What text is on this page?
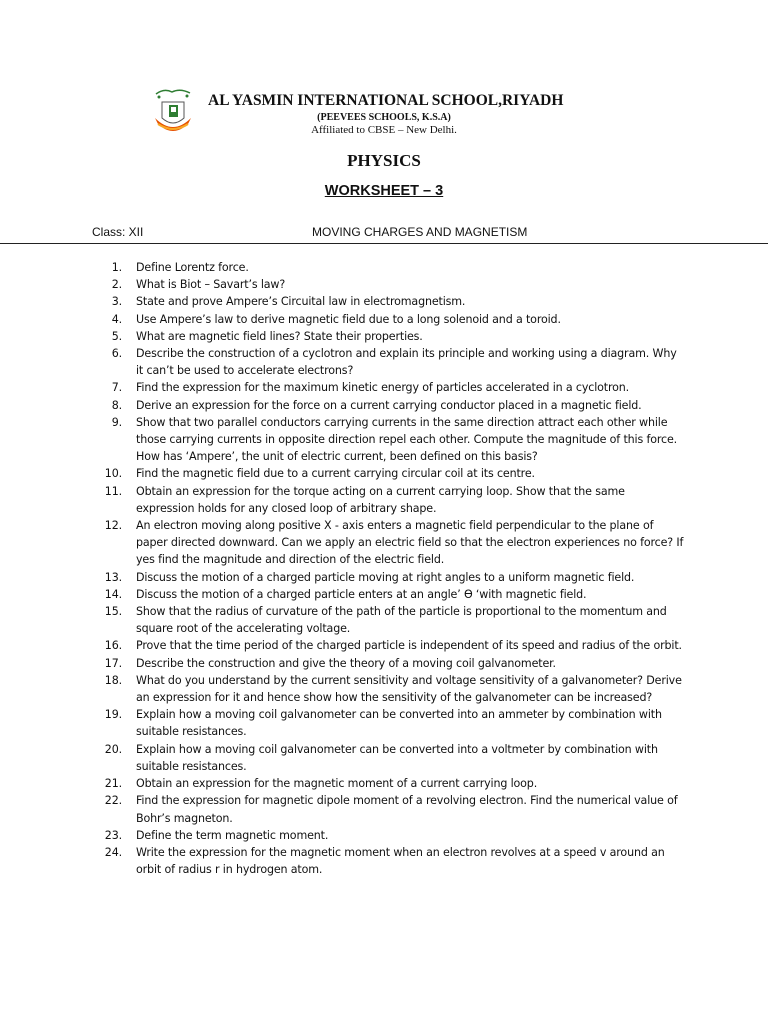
AL YASMIN INTERNATIONAL SCHOOL,RIYADH
(PEEVEES SCHOOLS, K.S.A)
Affiliated to CBSE – New Delhi.
PHYSICS
WORKSHEET – 3
Class: XII	MOVING CHARGES AND MAGNETISM
1.	Define Lorentz force.
2.	What is Biot – Savart’s law?
3.	State and prove Ampere’s Circuital law in electromagnetism.
4.	Use Ampere’s law to derive magnetic field due to a long solenoid and a toroid.
5.	What are magnetic field lines? State their properties.
6.	Describe the construction of a cyclotron and explain its principle and working using a diagram. Why it can’t be used to accelerate electrons?
7.	Find the expression for the maximum kinetic energy of particles accelerated in a cyclotron.
8.	Derive an expression for the force on a current carrying conductor placed in a magnetic field.
9.	Show that two parallel conductors carrying currents in the same direction attract each other while those carrying currents in opposite direction repel each other. Compute the magnitude of this force. How has ‘Ampere’, the unit of electric current, been defined on this basis?
10.	Find the magnetic field due to a current carrying circular coil at its centre.
11.	Obtain an expression for the torque acting on a current carrying loop. Show that the same expression holds for any closed loop of arbitrary shape.
12.	An electron moving along positive X - axis enters a magnetic field perpendicular to the plane of paper directed downward. Can we apply an electric field so that the electron experiences no force? If yes find the magnitude and direction of the electric field.
13.	Discuss the motion of a charged particle moving at right angles to a uniform magnetic field.
14.	Discuss the motion of a charged particle enters at an angle’ ϴ ‘with magnetic field.
15.	Show that the radius of curvature of the path of the particle is proportional to the momentum and square root of the accelerating voltage.
16.	Prove that the time period of the charged particle is independent of its speed and radius of the orbit.
17.	Describe the construction and give the theory of a moving coil galvanometer.
18.	What do you understand by the current sensitivity and voltage sensitivity of a galvanometer? Derive an expression for it and hence show how the sensitivity of the galvanometer can be increased?
19.	Explain how a moving coil galvanometer can be converted into an ammeter by combination with suitable resistances.
20.	Explain how a moving coil galvanometer can be converted into a voltmeter by combination with suitable resistances.
21.	Obtain an expression for the magnetic moment of a current carrying loop.
22.	Find the expression for magnetic dipole moment of a revolving electron. Find the numerical value of Bohr’s magneton.
23.	Define the term magnetic moment.
24.	Write the expression for the magnetic moment when an electron revolves at a speed v around an orbit of radius r in hydrogen atom.
